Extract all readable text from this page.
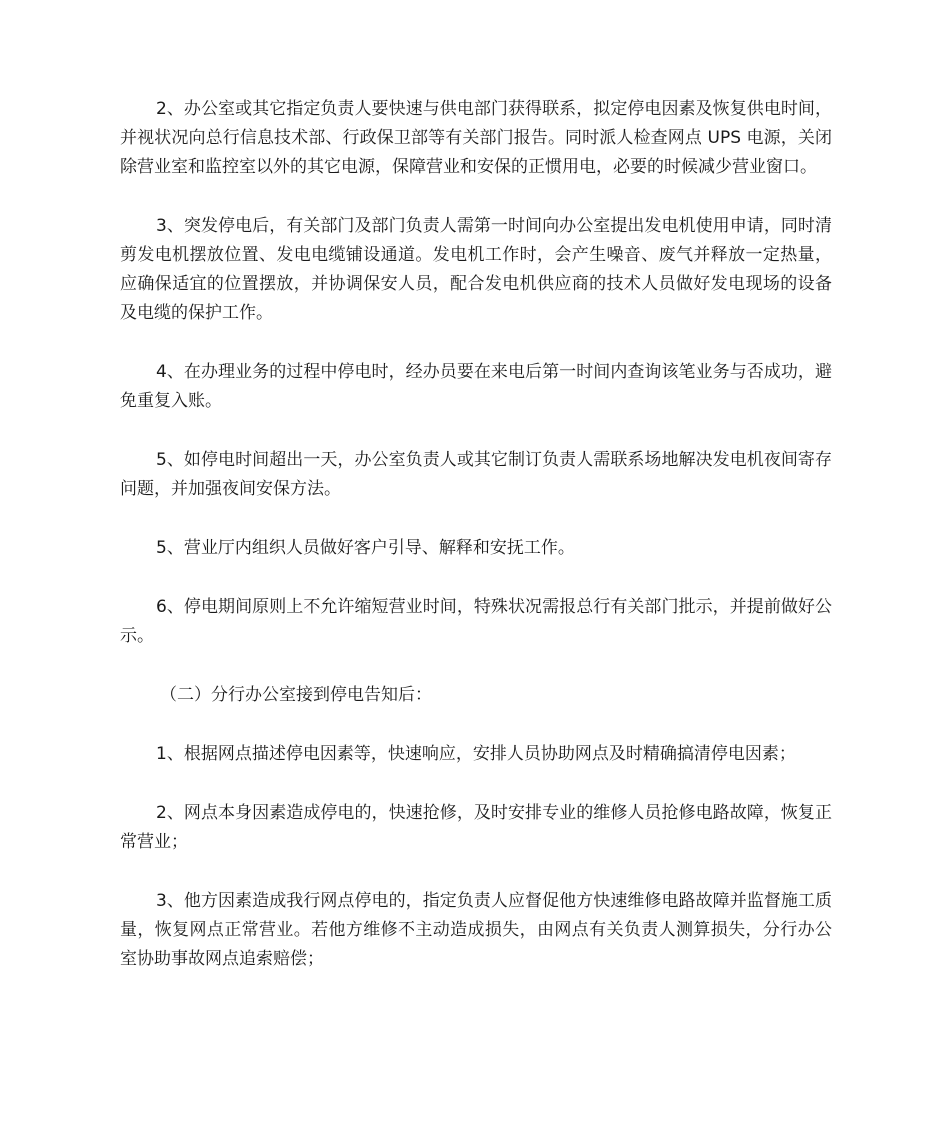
2、办公室或其它指定负责人要快速与供电部门获得联系，拟定停电因素及恢复供电时间，并视状况向总行信息技术部、行政保卫部等有关部门报告。同时派人检查网点 UPS 电源，关闭除营业室和监控室以外的其它电源，保障营业和安保的正惯用电，必要的时候减少营业窗口。

3、突发停电后，有关部门及部门负责人需第一时间向办公室提出发电机使用申请，同时清剪发电机摆放位置、发电电缆铺设通道。发电机工作时，会产生噪音、废气并释放一定热量，应确保适宜的位置摆放，并协调保安人员，配合发电机供应商的技术人员做好发电现场的设备及电缆的保护工作。

4、在办理业务的过程中停电时，经办员要在来电后第一时间内查询该笔业务与否成功，避免重复入账。

5、如停电时间超出一天，办公室负责人或其它制订负责人需联系场地解决发电机夜间寄存问题，并加强夜间安保方法。

5、营业厅内组织人员做好客户引导、解释和安抚工作。

6、停电期间原则上不允许缩短营业时间，特殊状况需报总行有关部门批示，并提前做好公示。

（二）分行办公室接到停电告知后：

1、根据网点描述停电因素等，快速响应，安排人员协助网点及时精确搞清停电因素；

2、网点本身因素造成停电的，快速抢修，及时安排专业的维修人员抢修电路故障，恢复正常营业；

3、他方因素造成我行网点停电的，指定负责人应督促他方快速维修电路故障并监督施工质量，恢复网点正常营业。若他方维修不主动造成损失，由网点有关负责人测算损失，分行办公室协助事故网点追索赔偿；
